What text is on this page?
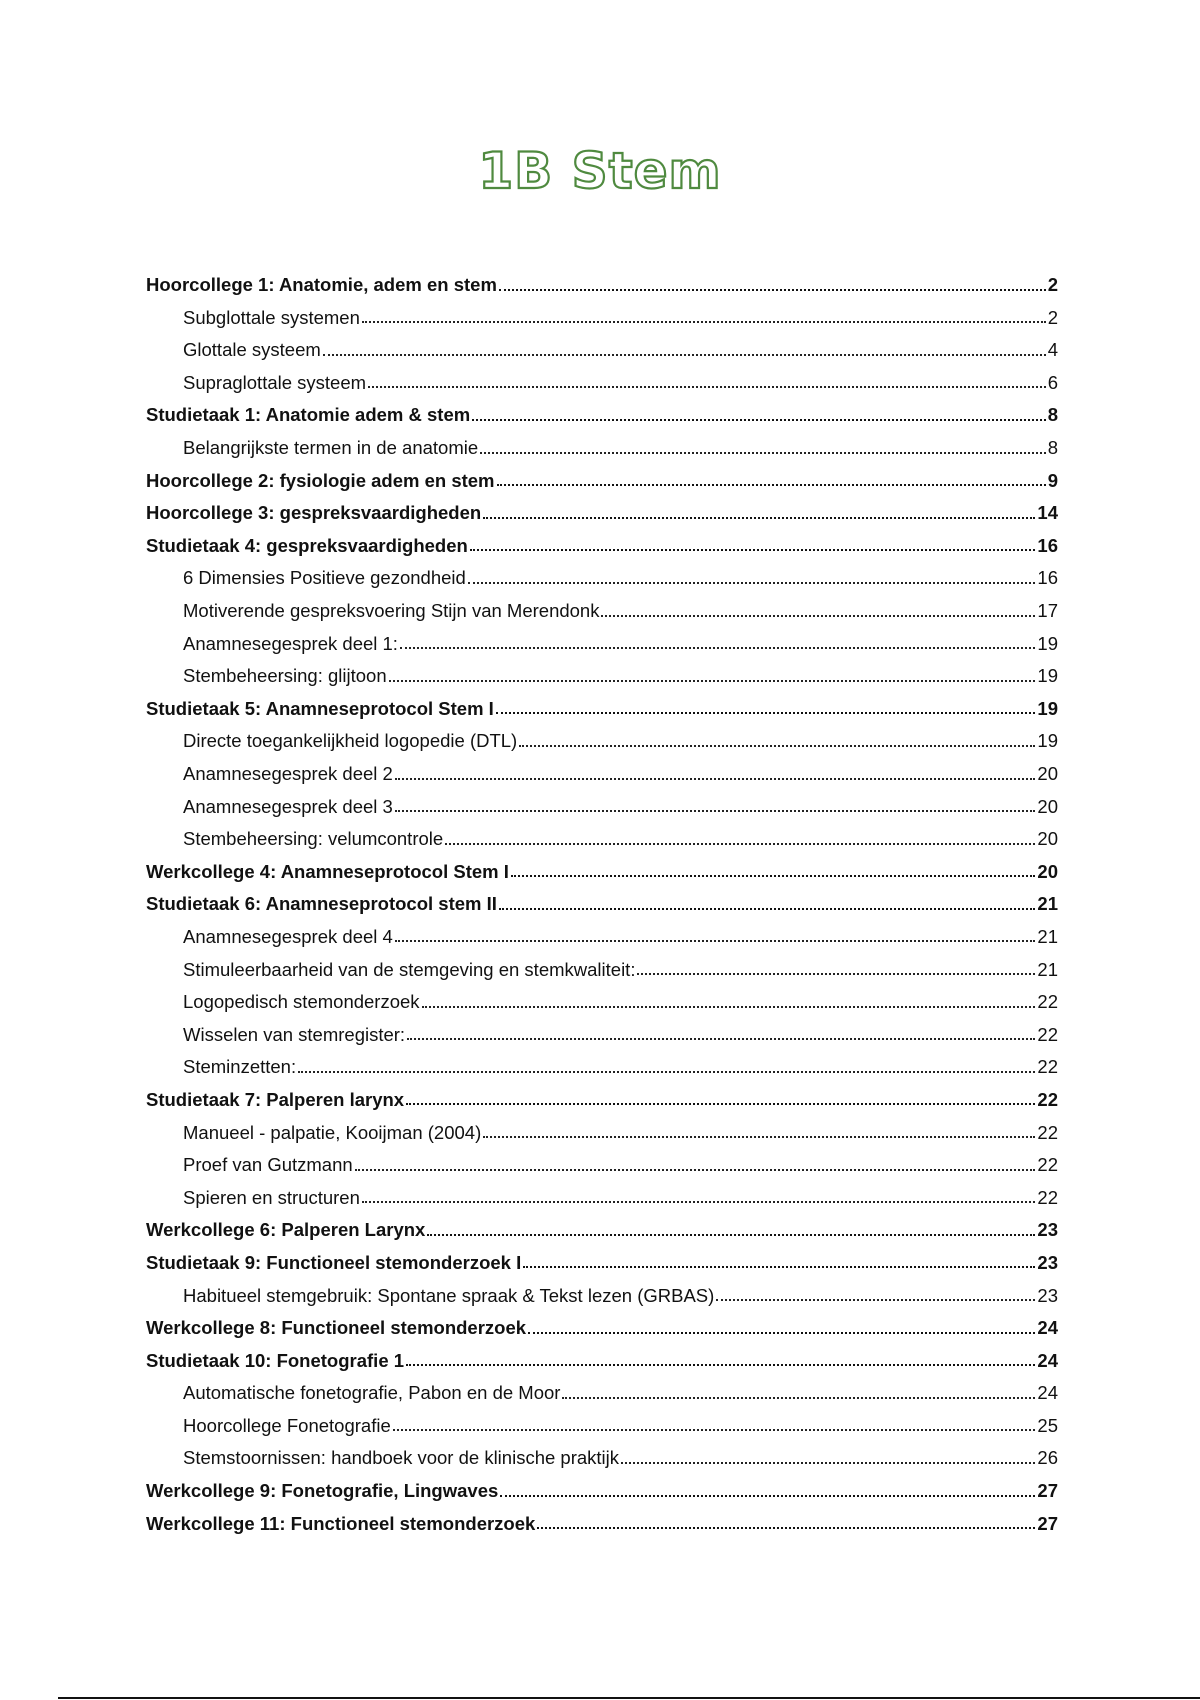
1B Stem
Hoorcollege 1: Anatomie, adem en stem	2
Subglottale systemen	2
Glottale systeem	4
Supraglottale systeem	6
Studietaak 1: Anatomie adem & stem	8
Belangrijkste termen in de anatomie	8
Hoorcollege 2: fysiologie adem en stem	9
Hoorcollege 3: gespreksvaardigheden	14
Studietaak 4: gespreksvaardigheden	16
6 Dimensies Positieve gezondheid	16
Motiverende gespreksvoering Stijn van Merendonk	17
Anamnesegesprek deel 1:	19
Stembeheersing: glijtoon	19
Studietaak 5: Anamneseprotocol Stem I	19
Directe toegankelijkheid logopedie (DTL)	19
Anamnesegesprek deel 2	20
Anamnesegesprek deel 3	20
Stembeheersing: velumcontrole	20
Werkcollege 4: Anamneseprotocol Stem I	20
Studietaak 6: Anamneseprotocol stem II	21
Anamnesegesprek deel 4	21
Stimuleerbaarheid van de stemgeving en stemkwaliteit:	21
Logopedisch stemonderzoek	22
Wisselen van stemregister:	22
Steminzetten:	22
Studietaak 7: Palperen larynx	22
Manueel - palpatie, Kooijman (2004)	22
Proef van Gutzmann	22
Spieren en structuren	22
Werkcollege 6: Palperen Larynx	23
Studietaak 9: Functioneel stemonderzoek I	23
Habitueel stemgebruik: Spontane spraak & Tekst lezen (GRBAS)	23
Werkcollege 8: Functioneel stemonderzoek	24
Studietaak 10: Fonetografie 1	24
Automatische fonetografie, Pabon en de Moor	24
Hoorcollege Fonetografie	25
Stemstoornissen: handboek voor de klinische praktijk	26
Werkcollege 9: Fonetografie, Lingwaves	27
Werkcollege 11: Functioneel stemonderzoek	27
